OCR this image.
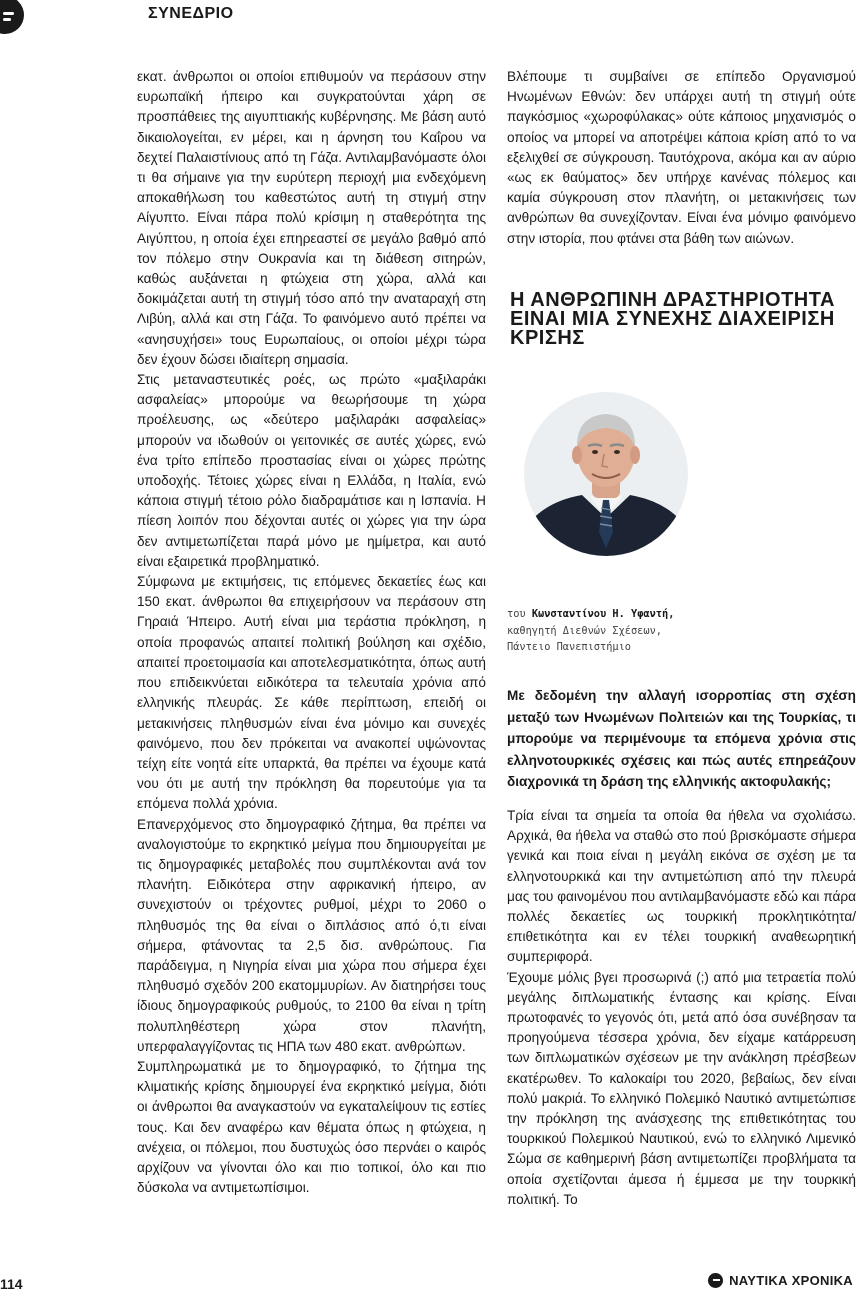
ΣΥΝΕΔΡΙΟ

εκατ. άνθρωποι οι οποίοι επιθυμούν να περάσουν στην ευρωπαϊκή ήπειρο και συγκρατούνται χάρη σε προσπάθειες της αιγυπτιακής κυβέρνησης. Με βάση αυτό δικαιολογείται, εν μέρει, και η άρνηση του Καΐρου να δεχτεί Παλαιστίνιους από τη Γάζα. Αντιλαμβανόμαστε όλοι τι θα σήμαινε για την ευρύτερη περιοχή μια ενδεχόμενη αποκαθήλωση του καθεστώτος αυτή τη στιγμή στην Αίγυπτο. Είναι πάρα πολύ κρίσιμη η σταθερότητα της Αιγύπτου, η οποία έχει επηρεαστεί σε μεγάλο βαθμό από τον πόλεμο στην Ουκρανία και τη διάθεση σιτηρών, καθώς αυξάνεται η φτώχεια στη χώρα, αλλά και δοκιμάζεται αυτή τη στιγμή τόσο από την αναταραχή στη Λιβύη, αλλά και στη Γάζα. Το φαινόμενο αυτό πρέπει να «ανησυχήσει» τους Ευρωπαίους, οι οποίοι μέχρι τώρα δεν έχουν δώσει ιδιαίτερη σημασία.

Στις μεταναστευτικές ροές, ως πρώτο «μαξιλαράκι ασφαλείας» μπορούμε να θεωρήσουμε τη χώρα προέλευσης, ως «δεύτερο μαξιλαράκι ασφαλείας» μπορούν να ιδωθούν οι γειτονικές σε αυτές χώρες, ενώ ένα τρίτο επίπεδο προστασίας είναι οι χώρες πρώτης υποδοχής. Τέτοιες χώρες είναι η Ελλάδα, η Ιταλία, ενώ κάποια στιγμή τέτοιο ρόλο διαδραμάτισε και η Ισπανία. Η πίεση λοιπόν που δέχονται αυτές οι χώρες για την ώρα δεν αντιμετωπίζεται παρά μόνο με ημίμετρα, και αυτό είναι εξαιρετικά προβληματικό.

Σύμφωνα με εκτιμήσεις, τις επόμενες δεκαετίες έως και 150 εκατ. άνθρωποι θα επιχειρήσουν να περάσουν στη Γηραιά Ήπειρο. Αυτή είναι μια τεράστια πρόκληση, η οποία προφανώς απαιτεί πολιτική βούληση και σχέδιο, απαιτεί προετοιμασία και αποτελεσματικότητα, όπως αυτή που επιδεικνύεται ειδικότερα τα τελευταία χρόνια από ελληνικής πλευράς. Σε κάθε περίπτωση, επειδή οι μετακινήσεις πληθυσμών είναι ένα μόνιμο και συνεχές φαινόμενο, που δεν πρόκειται να ανακοπεί υψώνοντας τείχη είτε νοητά είτε υπαρκτά, θα πρέπει να έχουμε κατά νου ότι με αυτή την πρόκληση θα πορευτούμε για τα επόμενα πολλά χρόνια.

Επανερχόμενος στο δημογραφικό ζήτημα, θα πρέπει να αναλογιστούμε το εκρηκτικό μείγμα που δημιουργείται με τις δημογραφικές μεταβολές που συμπλέκονται ανά τον πλανήτη. Ειδικότερα στην αφρικανική ήπειρο, αν συνεχιστούν οι τρέχοντες ρυθμοί, μέχρι το 2060 ο πληθυσμός της θα είναι ο διπλάσιος από ό,τι είναι σήμερα, φτάνοντας τα 2,5 δισ. ανθρώπους. Για παράδειγμα, η Νιγηρία είναι μια χώρα που σήμερα έχει πληθυσμό σχεδόν 200 εκατομμυρίων. Αν διατηρήσει τους ίδιους δημογραφικούς ρυθμούς, το 2100 θα είναι η τρίτη πολυπληθέστερη χώρα στον πλανήτη, υπερφαλαγγίζοντας τις ΗΠΑ των 480 εκατ. ανθρώπων.

Συμπληρωματικά με το δημογραφικό, το ζήτημα της κλιματικής κρίσης δημιουργεί ένα εκρηκτικό μείγμα, διότι οι άνθρωποι θα αναγκαστούν να εγκαταλείψουν τις εστίες τους. Και δεν αναφέρω καν θέματα όπως η φτώχεια, η ανέχεια, οι πόλεμοι, που δυστυχώς όσο περνάει ο καιρός αρχίζουν να γίνονται όλο και πιο τοπικοί, όλο και πιο δύσκολα να αντιμετωπίσιμοι.

Βλέπουμε τι συμβαίνει σε επίπεδο Οργανισμού Ηνωμένων Εθνών: δεν υπάρχει αυτή τη στιγμή ούτε παγκόσμιος «χωροφύλακας» ούτε κάποιος μηχανισμός ο οποίος να μπορεί να αποτρέψει κάποια κρίση από το να εξελιχθεί σε σύγκρουση. Ταυτόχρονα, ακόμα και αν αύριο «ως εκ θαύματος» δεν υπήρχε κανένας πόλεμος και καμία σύγκρουση στον πλανήτη, οι μετακινήσεις των ανθρώπων θα συνεχίζονταν. Είναι ένα μόνιμο φαινόμενο στην ιστορία, που φτάνει στα βάθη των αιώνων.

Η ΑΝΘΡΩΠΙΝΗ ΔΡΑΣΤΗΡΙΟΤΗΤΑ ΕΙΝΑΙ ΜΙΑ ΣΥΝΕΧΗΣ ΔΙΑΧΕΙΡΙΣΗ ΚΡΙΣΗΣ
του Κωνσταντίνου Η. Υφαντή,
καθηγητή Διεθνών Σχέσεων,
Πάντειο Πανεπιστήμιο
Με δεδομένη την αλλαγή ισορροπίας στη σχέση μεταξύ των Ηνωμένων Πολιτειών και της Τουρκίας, τι μπορούμε να περιμένουμε τα επόμενα χρόνια στις ελληνοτουρκικές σχέσεις και πώς αυτές επηρεάζουν διαχρονικά τη δράση της ελληνικής ακτοφυλακής;

Τρία είναι τα σημεία τα οποία θα ήθελα να σχολιάσω. Αρχικά, θα ήθελα να σταθώ στο πού βρισκόμαστε σήμερα γενικά και ποια είναι η μεγάλη εικόνα σε σχέση με τα ελληνοτουρκικά και την αντιμετώπιση από την πλευρά μας του φαινομένου που αντιλαμβανόμαστε εδώ και πάρα πολλές δεκαετίες ως τουρκική προκλητικότητα/επιθετικότητα και εν τέλει τουρκική αναθεωρητική συμπεριφορά.

Έχουμε μόλις βγει προσωρινά (;) από μια τετραετία πολύ μεγάλης διπλωματικής έντασης και κρίσης. Είναι πρωτοφανές το γεγονός ότι, μετά από όσα συνέβησαν τα προηγούμενα τέσσερα χρόνια, δεν είχαμε κατάρρευση των διπλωματικών σχέσεων με την ανάκληση πρέσβεων εκατέρωθεν. Το καλοκαίρι του 2020, βεβαίως, δεν είναι πολύ μακριά. Το ελληνικό Πολεμικό Ναυτικό αντιμετώπισε την πρόκληση της ανάσχεσης της επιθετικότητας του τουρκικού Πολεμικού Ναυτικού, ενώ το ελληνικό Λιμενικό Σώμα σε καθημερινή βάση αντιμετωπίζει προβλήματα τα οποία σχετίζονται άμεσα ή έμμεσα με την τουρκική πολιτική. Το

114	ΝΑΥΤΙΚΑ ΧΡΟΝΙΚΑ
